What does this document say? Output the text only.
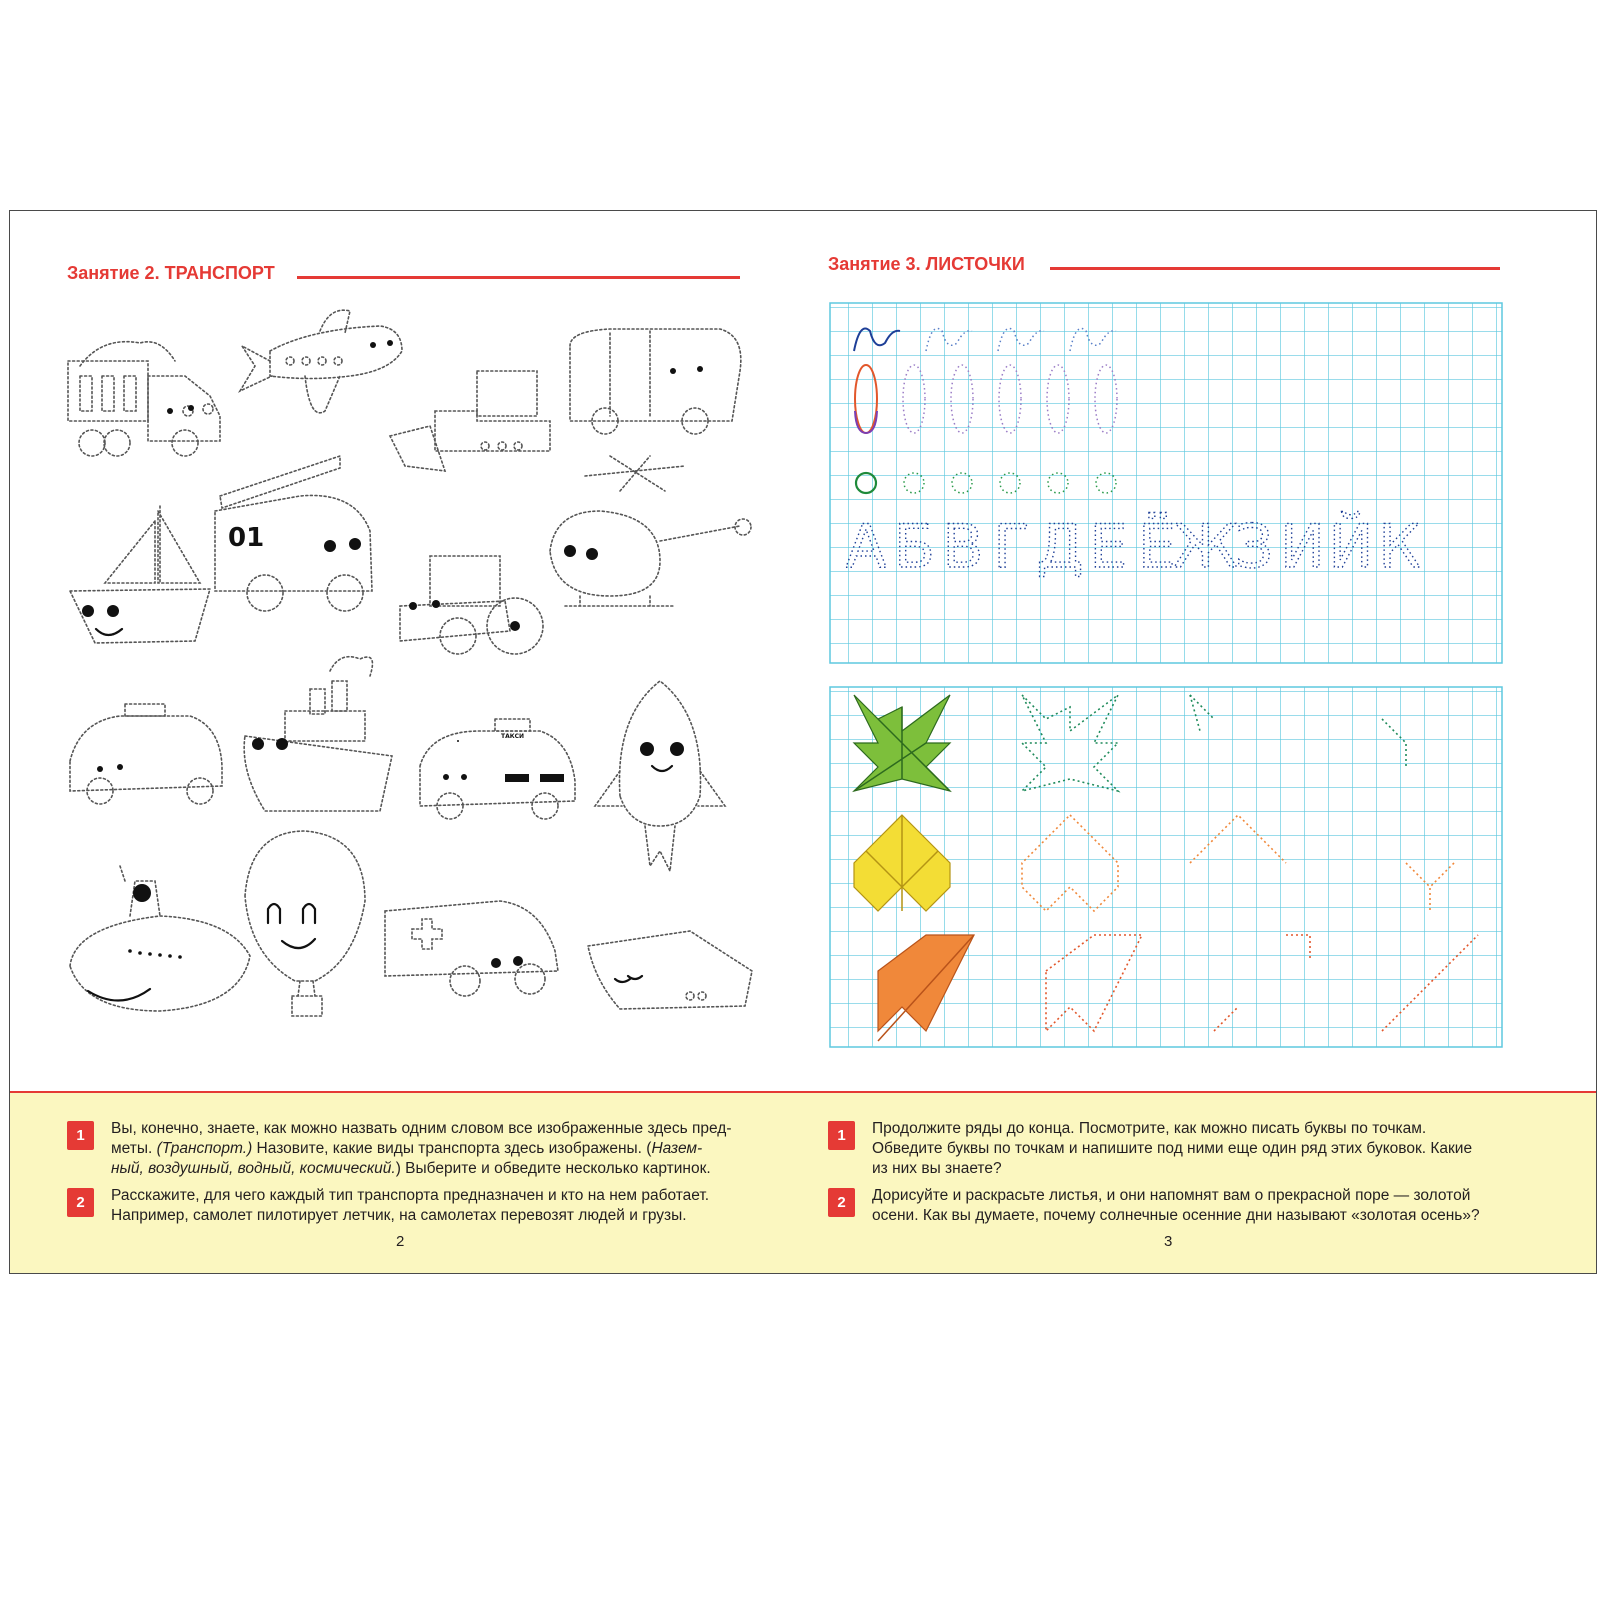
Занятие 2. ТРАНСПОРТ
01
ТАКСИ
1	Вы, конечно, знаете, как можно назвать одним словом все изображенные здесь пред-
меты. (Транспорт.) Назовите, какие виды транспорта здесь изображены. (Назем-
ный, воздушный, водный, космический.) Выберите и обведите несколько картинок.
2	Расскажите, для чего каждый тип транспорта предназначен и кто на нем работает.
Например, самолет пилотирует летчик, на самолетах перевозят людей и грузы.
2
Занятие 3. ЛИСТОЧКИ
А Б В Г Д Е Ё
Ж
З И Й К
1	Продолжите ряды до конца. Посмотрите, как можно писать буквы по точкам.
Обведите буквы по точкам и напишите под ними еще один ряд этих буковок. Какие
из них вы знаете?
2	Дорисуйте и раскрасьте листья, и они напомнят вам о прекрасной поре — золотой
осени. Как вы думаете, почему солнечные осенние дни называют «золотая осень»?
3
